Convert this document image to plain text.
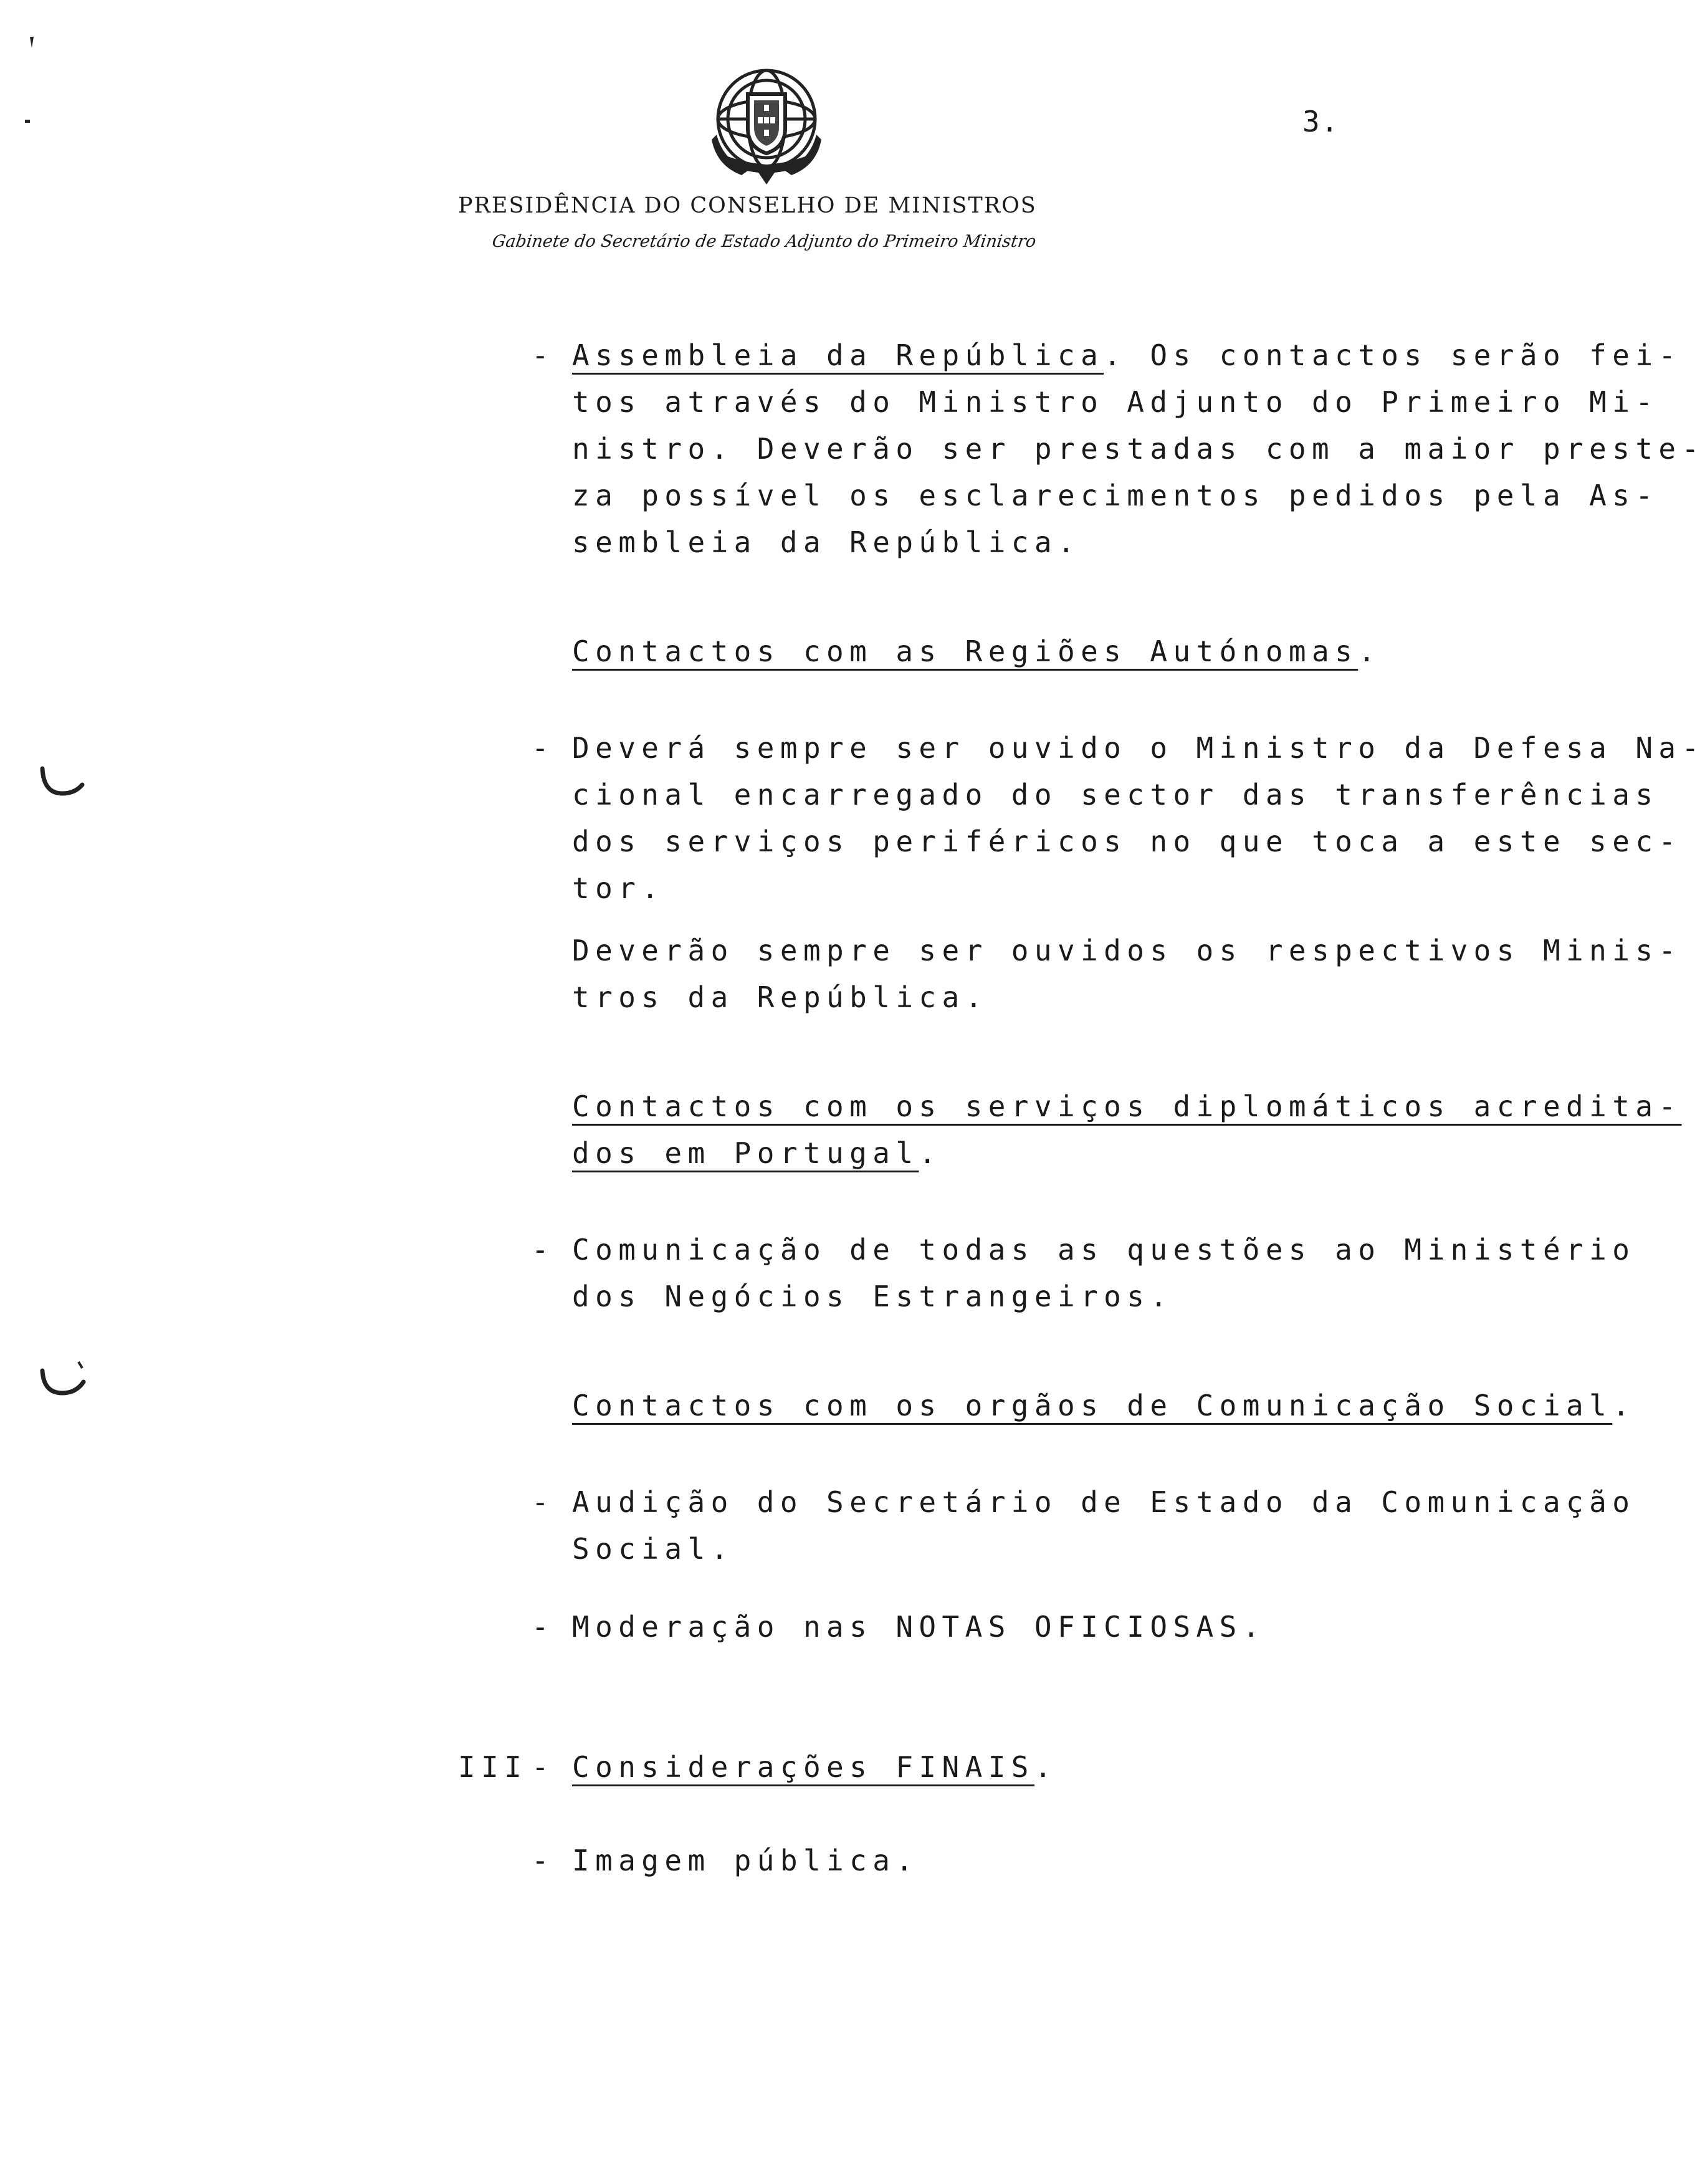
3.
PRESIDÊNCIA DO CONSELHO DE MINISTROS
Gabinete do Secretário de Estado Adjunto do Primeiro Ministro
- Assembleia da República. Os contactos serão fei-
tos através do Ministro Adjunto do Primeiro Mi-
nistro. Deverão ser prestadas com a maior preste-
za possível os esclarecimentos pedidos pela As-
sembleia da República.
Contactos com as Regiões Autónomas.
- Deverá sempre ser ouvido o Ministro da Defesa Na-
cional encarregado do sector das transferências
dos serviços periféricos no que toca a este sec-
tor.
Deverão sempre ser ouvidos os respectivos Minis-
tros da República.
Contactos com os serviços diplomáticos acredita-
dos em Portugal.
- Comunicação de todas as questões ao Ministério
dos Negócios Estrangeiros.
Contactos com os orgãos de Comunicação Social.
- Audição do Secretário de Estado da Comunicação
Social.
- Moderação nas NOTAS OFICIOSAS.
III - Considerações FINAIS.
- Imagem pública.
